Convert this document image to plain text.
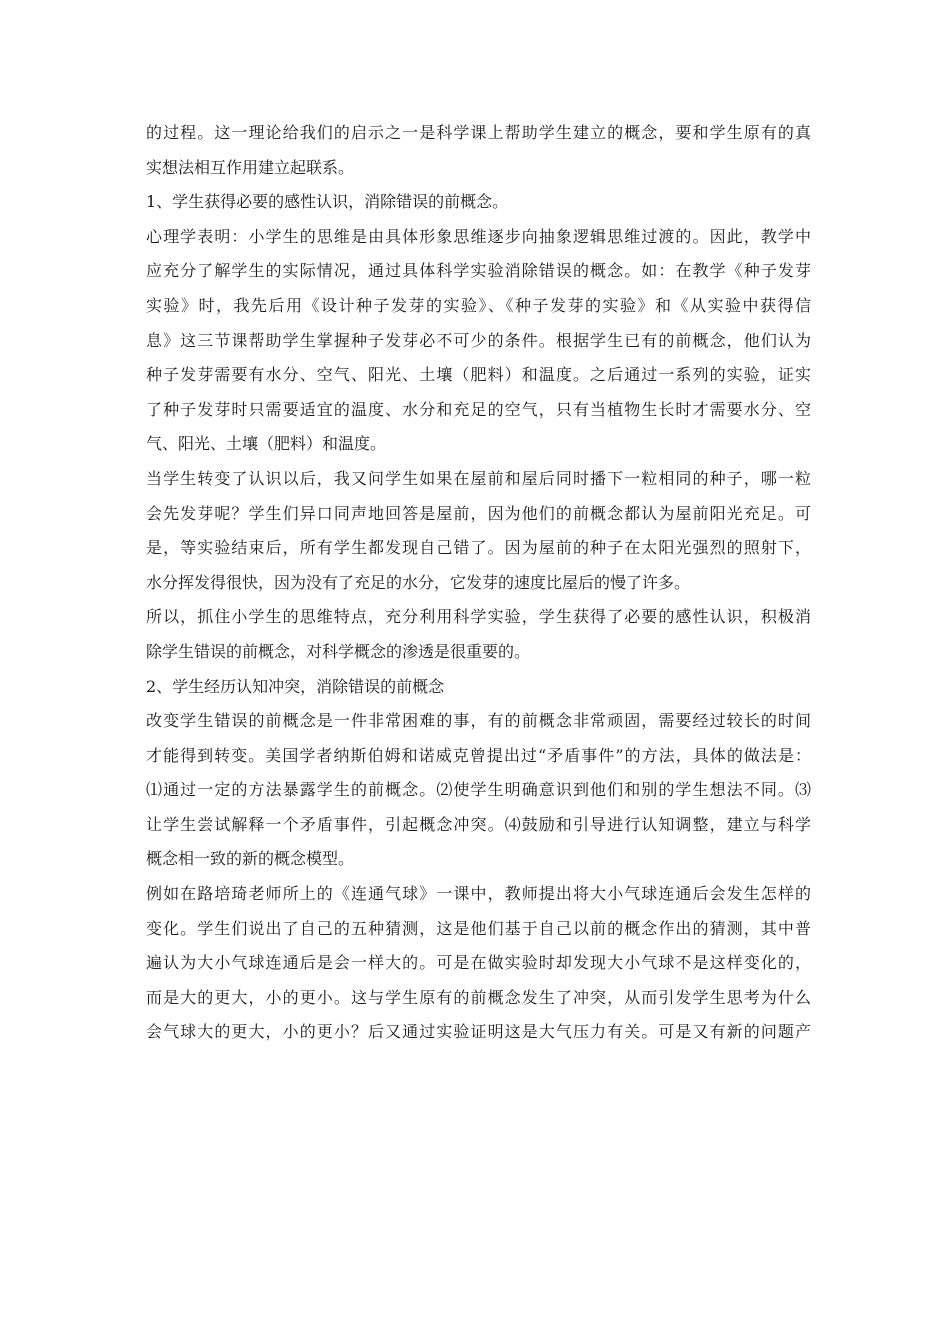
的过程。这一理论给我们的启示之一是科学课上帮助学生建立的概念，要和学生原有的真
实想法相互作用建立起联系。
1、学生获得必要的感性认识，消除错误的前概念。
心理学表明：小学生的思维是由具体形象思维逐步向抽象逻辑思维过渡的。因此，教学中
应充分了解学生的实际情况，通过具体科学实验消除错误的概念。如：在教学《种子发芽
实验》时，我先后用《设计种子发芽的实验》、《种子发芽的实验》和《从实验中获得信
息》这三节课帮助学生掌握种子发芽必不可少的条件。根据学生已有的前概念，他们认为
种子发芽需要有水分、空气、阳光、土壤（肥料）和温度。之后通过一系列的实验，证实
了种子发芽时只需要适宜的温度、水分和充足的空气，只有当植物生长时才需要水分、空
气、阳光、土壤（肥料）和温度。
当学生转变了认识以后，我又问学生如果在屋前和屋后同时播下一粒相同的种子，哪一粒
会先发芽呢？学生们异口同声地回答是屋前，因为他们的前概念都认为屋前阳光充足。可
是，等实验结束后，所有学生都发现自己错了。因为屋前的种子在太阳光强烈的照射下，
水分挥发得很快，因为没有了充足的水分，它发芽的速度比屋后的慢了许多。
所以，抓住小学生的思维特点，充分利用科学实验，学生获得了必要的感性认识，积极消
除学生错误的前概念，对科学概念的渗透是很重要的。
2、学生经历认知冲突，消除错误的前概念
改变学生错误的前概念是一件非常困难的事，有的前概念非常顽固，需要经过较长的时间
才能得到转变。美国学者纳斯伯姆和诺威克曾提出过“矛盾事件”的方法，具体的做法是：
⑴通过一定的方法暴露学生的前概念。⑵使学生明确意识到他们和别的学生想法不同。⑶
让学生尝试解释一个矛盾事件，引起概念冲突。⑷鼓励和引导进行认知调整，建立与科学
概念相一致的新的概念模型。
例如在路培琦老师所上的《连通气球》一课中，教师提出将大小气球连通后会发生怎样的
变化。学生们说出了自己的五种猜测，这是他们基于自己以前的概念作出的猜测，其中普
遍认为大小气球连通后是会一样大的。可是在做实验时却发现大小气球不是这样变化的，
而是大的更大，小的更小。这与学生原有的前概念发生了冲突，从而引发学生思考为什么
会气球大的更大，小的更小？后又通过实验证明这是大气压力有关。可是又有新的问题产
